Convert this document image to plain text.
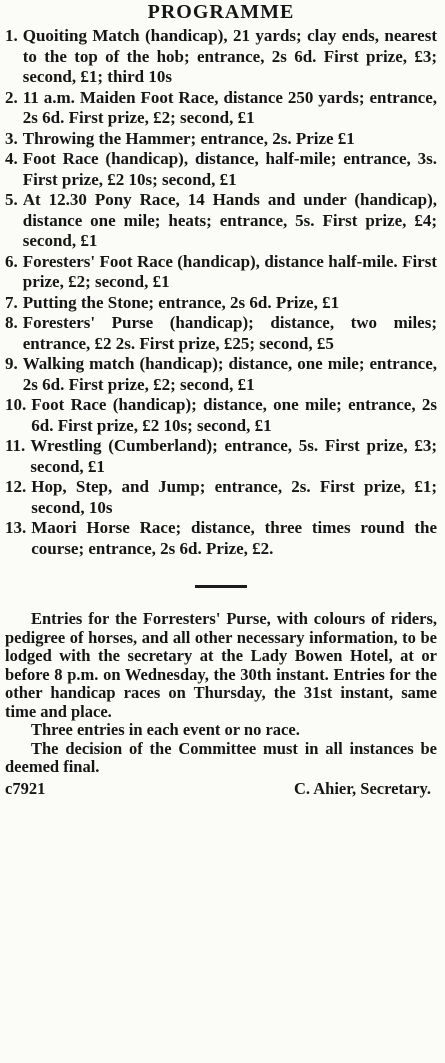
PROGRAMME
1. Quoiting Match (handicap), 21 yards; clay ends, nearest to the top of the hob; entrance, 2s 6d. First prize, £3; second, £1; third 10s
2. 11 a.m. Maiden Foot Race, distance 250 yards; entrance, 2s 6d. First prize, £2; second, £1
3. Throwing the Hammer; entrance, 2s. Prize £1
4. Foot Race (handicap), distance, half-mile; entrance, 3s. First prize, £2 10s; second, £1
5. At 12.30 Pony Race, 14 Hands and under (handicap), distance one mile; heats; entrance, 5s. First prize, £4; second, £1
6. Foresters' Foot Race (handicap), distance half-mile. First prize, £2; second, £1
7. Putting the Stone; entrance, 2s 6d. Prize, £1
8. Foresters' Purse (handicap); distance, two miles; entrance, £2 2s. First prize, £25; second, £5
9. Walking match (handicap); distance, one mile; entrance, 2s 6d. First prize, £2; second, £1
10. Foot Race (handicap); distance, one mile; entrance, 2s 6d. First prize, £2 10s; second, £1
11. Wrestling (Cumberland); entrance, 5s. First prize, £3; second, £1
12. Hop, Step, and Jump; entrance, 2s. First prize, £1; second, 10s
13. Maori Horse Race; distance, three times round the course; entrance, 2s 6d. Prize, £2.

Entries for the Forresters' Purse, with colours of riders, pedigree of horses, and all other necessary information, to be lodged with the secretary at the Lady Bowen Hotel, at or before 8 p.m. on Wednesday, the 30th instant. Entries for the other handicap races on Thursday, the 31st instant, same time and place.

Three entries in each event or no race.

The decision of the Committee must in all instances be deemed final.

c7921	C. Ahier, Secretary.
